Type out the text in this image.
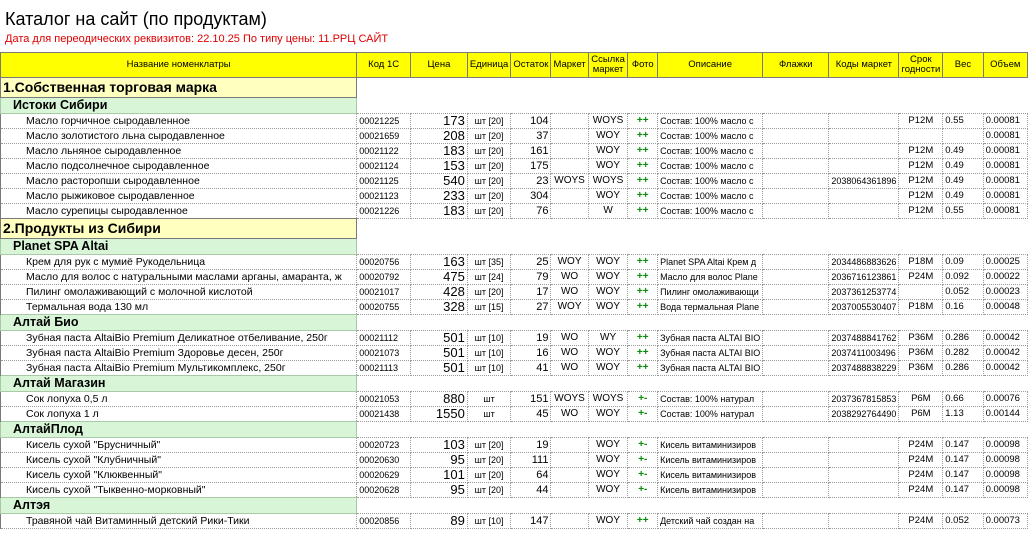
Каталог на сайт (по продуктам)
Дата для переодических реквизитов: 22.10.25 По типу цены: 11.РРЦ САЙТ
Название номенклатры	Код 1С	Цена	Единица	Остаток	Маркет	Ссылка маркет	Фото	Описание	Флажки	Коды маркет	Срок годности	Вес	Объем
1.Собственная торговая марка													
Истоки Сибири													
Масло горчичное сыродавленное	00021225	173	шт [20]	104		WOYS	++	Состав: 100% масло с			P12M	0.55	0.00081
Масло золотистого льна сыродавленное	00021659	208	шт [20]	37		WOY	++	Состав: 100% масло с					0.00081
Масло льняное сыродавленное	00021122	183	шт [20]	161		WOY	++	Состав: 100% масло с			P12M	0.49	0.00081
Масло подсолнечное сыродавленное	00021124	153	шт [20]	175		WOY	++	Состав: 100% масло с			P12M	0.49	0.00081
Масло расторопши сыродавленное	00021125	540	шт [20]	23	WOYS	WOYS	++	Состав: 100% масло с		2038064361896	P12M	0.49	0.00081
Масло рыжиковое сыродавленное	00021123	233	шт [20]	304		WOY	++	Состав: 100% масло с			P12M	0.49	0.00081
Масло сурепицы сыродавленное	00021226	183	шт [20]	76		W	++	Состав: 100% масло с			P12M	0.55	0.00081
2.Продукты из Сибири													
Planet SPA Altai													
Крем для рук с мумиё Рукодельница	00020756	163	шт [35]	25	WOY	WOY	++	Planet SPA Altai Крем д		2034486883626	P18M	0.09	0.00025
Масло для волос с натуральными маслами арганы, амаранта, ж	00020792	475	шт [24]	79	WO	WOY	++	Масло для волос Plane		2036716123861	P24M	0.092	0.00022
Пилинг омолаживающий с молочной кислотой	00021017	428	шт [20]	17	WO	WOY	++	Пилинг омолаживающи		2037361253774		0.052	0.00023
Термальная вода 130 мл	00020755	328	шт [15]	27	WOY	WOY	++	Вода термальная Plane		2037005530407	P18M	0.16	0.00048
Алтай Био													
Зубная паста AltaiBio Premium Деликатное отбеливание, 250г	00021112	501	шт [10]	19	WO	WY	++	Зубная паста ALTAI BIO		2037488841762	P36M	0.286	0.00042
Зубная паста AltaiBio Premium Здоровье десен, 250г	00021073	501	шт [10]	16	WO	WOY	++	Зубная паста ALTAI BIO		2037411003496	P36M	0.282	0.00042
Зубная паста AltaiBio Premium Мультикомплекс, 250г	00021113	501	шт [10]	41	WO	WOY	++	Зубная паста ALTAI BIO		2037488838229	P36M	0.286	0.00042
Алтай Магазин													
Сок лопуха 0,5 л	00021053	880	шт	151	WOYS	WOYS	+-	Состав: 100% натурал		2037367815853	P6M	0.66	0.00076
Сок лопуха 1 л	00021438	1550	шт	45	WO	WOY	+-	Состав: 100% натурал		2038292764490	P6M	1.13	0.00144
АлтайПлод													
Кисель сухой "Брусничный"	00020723	103	шт [20]	19		WOY	+-	Кисель витаминизиров			P24M	0.147	0.00098
Кисель сухой "Клубничный"	00020630	95	шт [20]	111		WOY	+-	Кисель витаминизиров			P24M	0.147	0.00098
Кисель сухой "Клюквенный"	00020629	101	шт [20]	64		WOY	+-	Кисель витаминизиров			P24M	0.147	0.00098
Кисель сухой "Тыквенно-морковный"	00020628	95	шт [20]	44		WOY	+-	Кисель витаминизиров			P24M	0.147	0.00098
Алтэя													
Травяной чай Витаминный детский Рики-Тики	00020856	89	шт [10]	147		WOY	++	Детский чай создан на			P24M	0.052	0.00073
